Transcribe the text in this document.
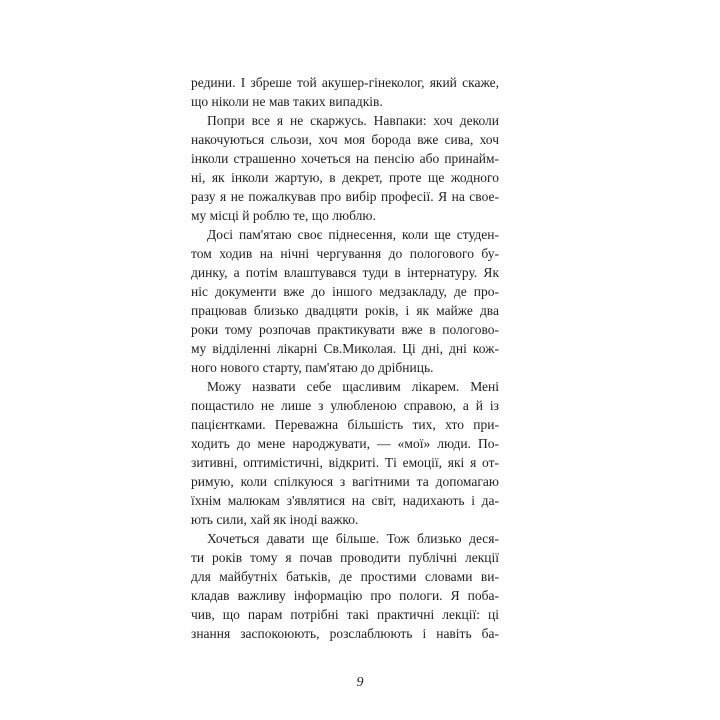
редини. І збреше той акушер-гінеколог, який скаже,
що ніколи не мав таких випадків.
Попри все я не скаржусь. Навпаки: хоч деколи
накочуються сльози, хоч моя борода вже сива, хоч
інколи страшенно хочеться на пенсію або принайм-
ні, як інколи жартую, в декрет, проте ще жодного
разу я не пожалкував про вибір професії. Я на свое-
му місці й роблю те, що люблю.
Досі пам'ятаю своє піднесення, коли ще студен-
том ходив на нічні чергування до пологового бу-
динку, а потім влаштувався туди в інтернатуру. Як
ніс документи вже до іншого медзакладу, де про-
працював близько двадцяти років, і як майже два
роки тому розпочав практикувати вже в пологово-
му відділенні лікарні Св.Миколая. Ці дні, дні кож-
ного нового старту, пам'ятаю до дрібниць.
Можу назвати себе щасливим лікарем. Мені
пощастило не лише з улюбленою справою, а й із
пацієнтками. Переважна більшість тих, хто при-
ходить до мене народжувати, — «мої» люди. По-
зитивні, оптимістичні, відкриті. Ті емоції, які я от-
римую, коли спілкуюся з вагітними та допомагаю
їхнім малюкам з'являтися на світ, надихають і да-
ють сили, хай як іноді важко.
Хочеться давати ще більше. Тож близько деся-
ти років тому я почав проводити публічні лекції
для майбутніх батьків, де простими словами ви-
кладав важливу інформацію про пологи. Я поба-
чив, що парам потрібні такі практичні лекції: ці
знання заспокоюють, розслаблюють і навіть ба-
9
